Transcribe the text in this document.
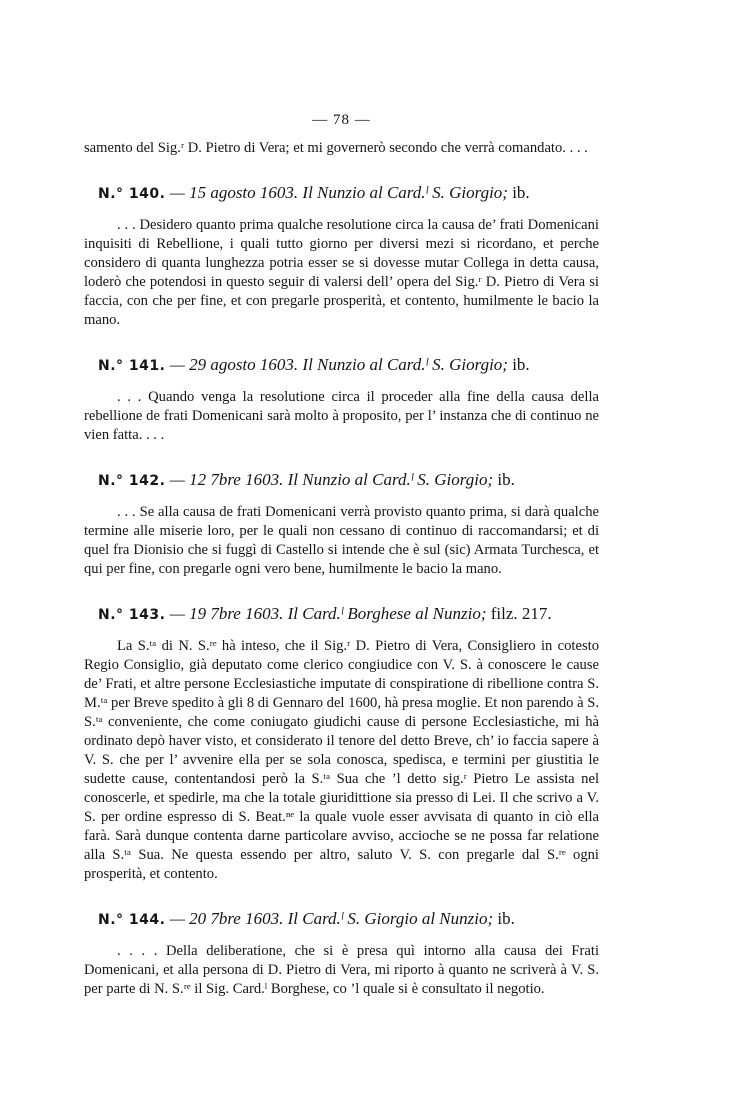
— 78 —

samento del Sig.ʳ D. Pietro di Vera; et mi governerò secondo che verrà comandato. . . .

N.° 140. — 15 agosto 1603. Il Nunzio al Card.ˡ S. Giorgio; ib.

. . . Desidero quanto prima qualche resolutione circa la causa de’ frati Domenicani inquisiti di Rebellione, i quali tutto giorno per diversi mezi si ricordano, et perche considero di quanta lunghezza potria esser se si dovesse mutar Collega in detta causa, loderò che potendosi in questo seguir di valersi dell’ opera del Sig.ʳ D. Pietro di Vera si faccia, con che per fine, et con pregarle prosperità, et contento, humilmente le bacio la mano.

N.° 141. — 29 agosto 1603. Il Nunzio al Card.ˡ S. Giorgio; ib.

. . . Quando venga la resolutione circa il proceder alla fine della causa della rebellione de frati Domenicani sarà molto à proposito, per l’ instanza che di continuo ne vien fatta. . . .

N.° 142. — 12 7bre 1603. Il Nunzio al Card.ˡ S. Giorgio; ib.

. . . Se alla causa de frati Domenicani verrà provisto quanto prima, si darà qualche termine alle miserie loro, per le quali non cessano di continuo di raccomandarsi; et di quel fra Dionisio che si fuggì di Castello si intende che è sul (sic) Armata Turchesca, et qui per fine, con pregarle ogni vero bene, humilmente le bacio la mano.

N.° 143. — 19 7bre 1603. Il Card.ˡ Borghese al Nunzio; filz. 217.

La S.ᵗᵃ di N. S.ʳᵉ hà inteso, che il Sig.ʳ D. Pietro di Vera, Consigliero in cotesto Regio Consiglio, già deputato come clerico congiudice con V. S. à conoscere le cause de’ Frati, et altre persone Ecclesiastiche imputate di conspiratione di ribellione contra S. M.ᵗᵃ per Breve spedito à gli 8 di Gennaro del 1600, hà presa moglie. Et non parendo à S. S.ᵗᵃ conveniente, che come coniugato giudichi cause di persone Ecclesiastiche, mi hà ordinato depò haver visto, et considerato il tenore del detto Breve, ch’ io faccia sapere à V. S. che per l’ avvenire ella per se sola conosca, spedisca, e termini per giustitia le sudette cause, contentandosi però la S.ᵗᵃ Sua che ’l detto sig.ʳ Pietro Le assista nel conoscerle, et spedirle, ma che la totale giuridittione sia presso di Lei. Il che scrivo a V. S. per ordine espresso di S. Beat.ⁿᵉ la quale vuole esser avvisata di quanto in ciò ella farà. Sarà dunque contenta darne particolare avviso, accioche se ne possa far relatione alla S.ᵗᵃ Sua. Ne questa essendo per altro, saluto V. S. con pregarle dal S.ʳᵉ ogni prosperità, et contento.

N.° 144. — 20 7bre 1603. Il Card.ˡ S. Giorgio al Nunzio; ib.

. . . . Della deliberatione, che si è presa quì intorno alla causa dei Frati Domenicani, et alla persona di D. Pietro di Vera, mi riporto à quanto ne scriverà à V. S. per parte di N. S.ʳᵉ il Sig. Card.ˡ Borghese, co ’l quale si è consultato il negotio.
